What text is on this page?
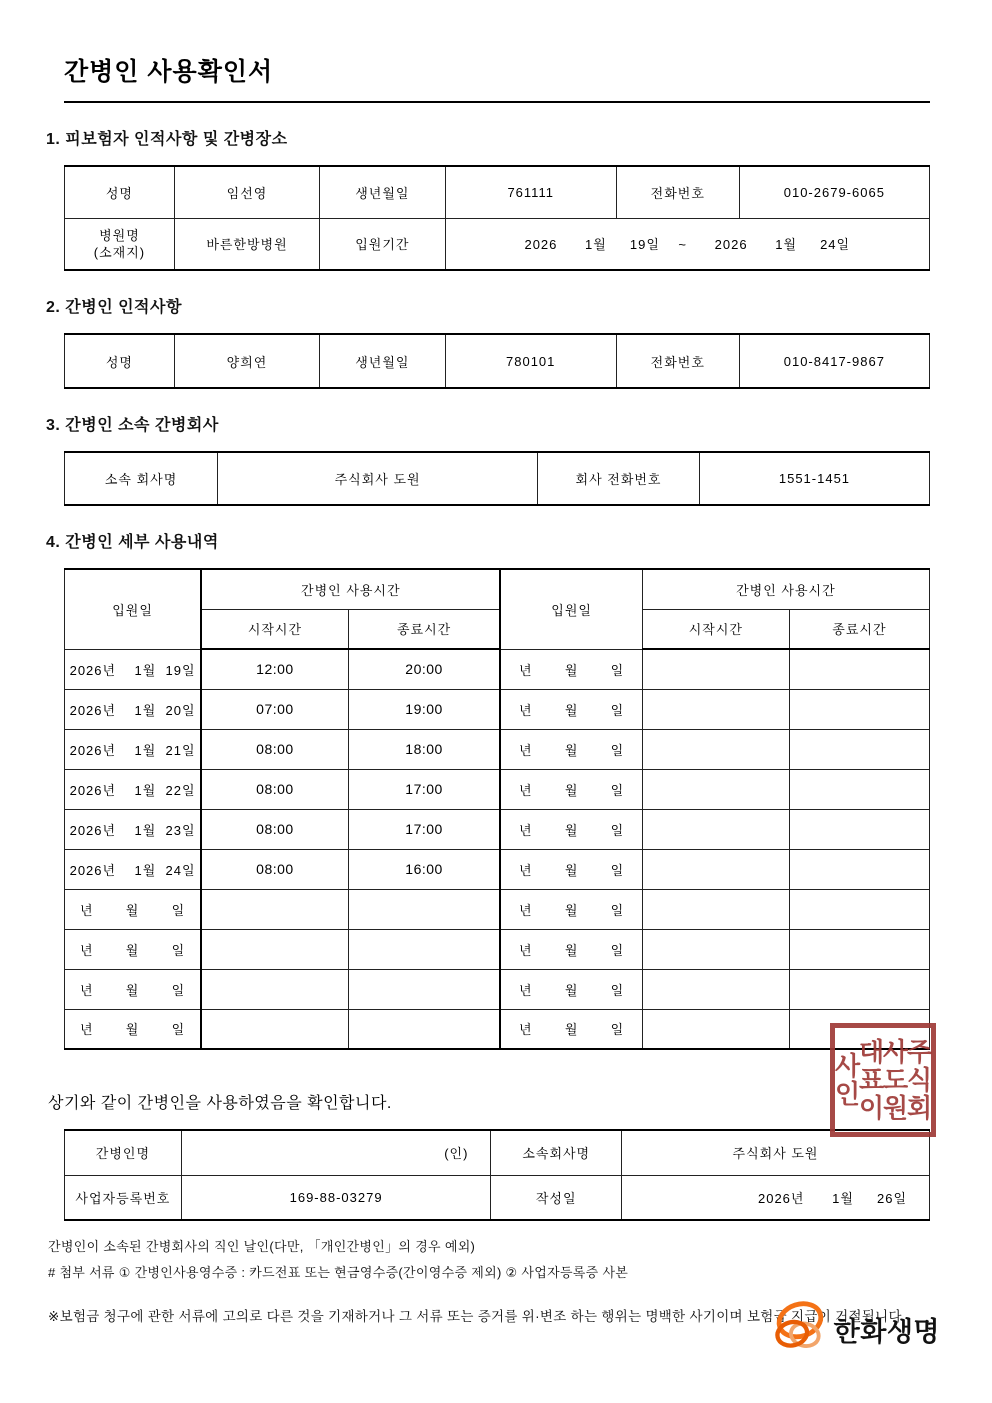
간병인 사용확인서
1. 피보험자 인적사항 및 간병장소
성명	임선영	생년월일	761111	전화번호	010-2679-6065

병원명
(소재지)	바른한방병원	입원기간	2026      1월     19일    ~      2026      1월     24일		
2. 간병인 인적사항
성명	양희연	생년월일	780101	전화번호	010-8417-9867
3. 간병인 소속 간병회사
소속 회사명	주식회사 도원	회사 전화번호	1551-1451
4. 간병인 세부 사용내역
입원일	간병인 사용시간		입원일	간병인 사용시간	
	시작시간	종료시간		시작시간	종료시간
2026년    1월  19일	12:00	20:00	년       월       일		
2026년    1월  20일	07:00	19:00	년       월       일		
2026년    1월  21일	08:00	18:00	년       월       일		
2026년    1월  22일	08:00	17:00	년       월       일		
2026년    1월  23일	08:00	17:00	년       월       일		
2026년    1월  24일	08:00	16:00	년       월       일		
년       월       일			년       월       일		
년       월       일			년       월       일		
년       월       일			년       월       일		
년       월       일			년       월       일		

상기와 같이 간병인을 사용하였음을 확인합니다.

간병인명	(인)	소속회사명	주식회사 도원
사업자등록번호	169-88-03279	작성일	2026년      1월     26일
간병인이 소속된 간병회사의 직인 날인(다만, 「개인간병인」의 경우 예외)
# 첨부 서류 ① 간병인사용영수증 : 카드전표 또는 현금영수증(간이영수증 제외) ② 사업자등록증 사본

※보험금 청구에 관한 서류에 고의로 다른 것을 기재하거나 그 서류 또는 증거를 위·변조 하는 행위는 명백한 사기이며 보험금 지급이 거절됩니다.

주식회사도원대표이사인
한화생명
